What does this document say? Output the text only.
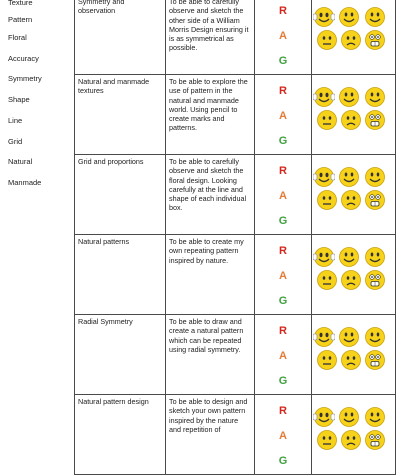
Texture
Pattern
Floral
Accuracy
Symmetry
Shape
Line
Grid
Natural
Manmade
Symmetry and observation	To be able to carefully observe and sketch the other side of a William Morris Design ensuring it is as symmetrical as possible.	R
A
G

Natural and manmade textures	To be able to explore the use of pattern in the natural and manmade world. Using pencil to create marks and patterns.	R
A
G

Grid and proportions	To be able to carefully observe and sketch the floral design. Looking carefully at the line and shape of each individual box.	R
A
G

Natural patterns	To be able to create my own repeating pattern inspired by nature.	R
A
G

Radial Symmetry	To be able to draw and create a natural pattern which can be repeated using radial symmetry.	R
A
G

Natural pattern design	To be able to design and sketch your own pattern inspired by the nature and repetition of	R
A
G
